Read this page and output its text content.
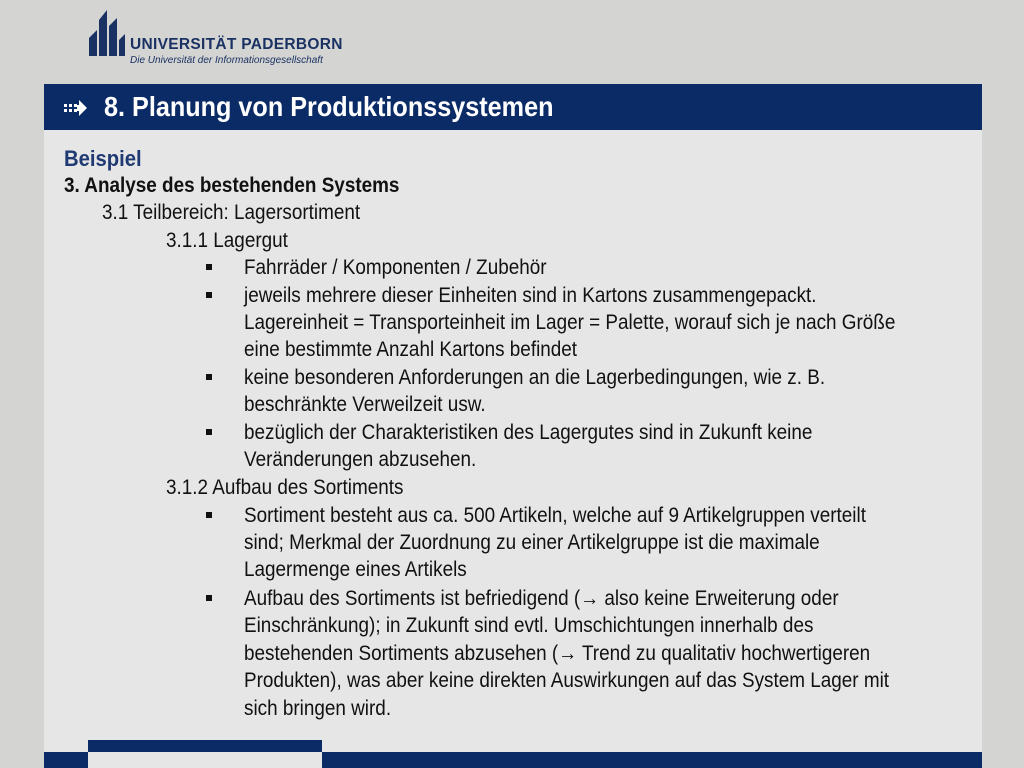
UNIVERSITÄT PADERBORN
Die Universität der Informationsgesellschaft
8. Planung von Produktionssystemen
Beispiel
3. Analyse des bestehenden Systems
3.1 Teilbereich: Lagersortiment
3.1.1 Lagergut
Fahrräder / Komponenten / Zubehör
jeweils mehrere dieser Einheiten sind in Kartons zusammengepackt.
Lagereinheit = Transporteinheit im Lager = Palette, worauf sich je nach Größe
eine bestimmte Anzahl Kartons befindet
keine besonderen Anforderungen an die Lagerbedingungen, wie z. B.
beschränkte Verweilzeit usw.
bezüglich der Charakteristiken des Lagergutes sind in Zukunft keine
Veränderungen abzusehen.
3.1.2 Aufbau des Sortiments
Sortiment besteht aus ca. 500 Artikeln, welche auf 9 Artikelgruppen verteilt
sind; Merkmal der Zuordnung zu einer Artikelgruppe ist die maximale
Lagermenge eines Artikels
Aufbau des Sortiments ist befriedigend (→ also keine Erweiterung oder
Einschränkung); in Zukunft sind evtl. Umschichtungen innerhalb des
bestehenden Sortiments abzusehen (→ Trend zu qualitativ hochwertigeren
Produkten), was aber keine direkten Auswirkungen auf das System Lager mit
sich bringen wird.
